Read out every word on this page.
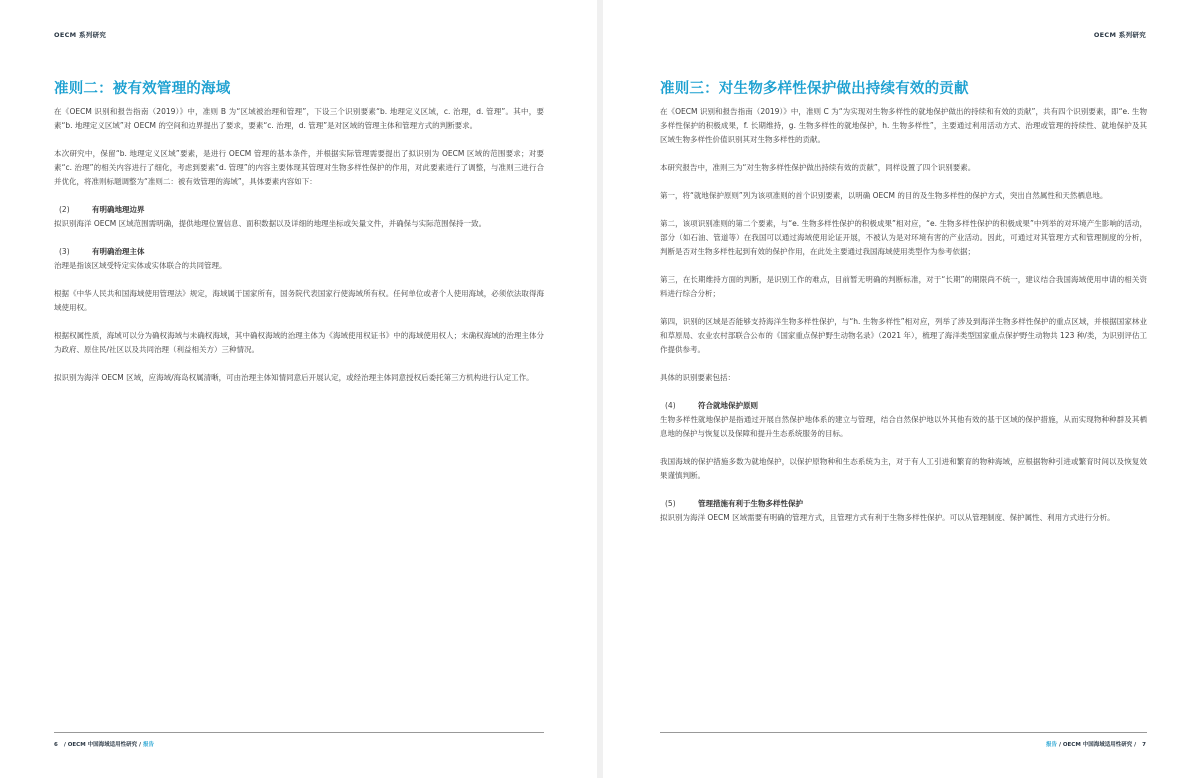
OECM 系列研究
准则二：被有效管理的海域

在《OECM 识别和报告指南（2019）》中，准则 B 为“区域被治理和管理”，下设三个识别要素“b. 地理定义区域，c. 治理，d. 管理”。其中，要素“b. 地理定义区域”对 OECM 的空间和边界提出了要求，要素“c. 治理，d. 管理”是对区域的管理主体和管理方式的判断要求。

本次研究中，保留“b. 地理定义区域”要素，是进行 OECM 管理的基本条件，并根据实际管理需要提出了拟识别为 OECM 区域的范围要求；对要素“c. 治理”的相关内容进行了细化，考虑到要素“d. 管理”的内容主要体现其管理对生物多样性保护的作用，对此要素进行了调整，与准则三进行合并优化，将准则标题调整为“准则二：被有效管理的海域”，具体要素内容如下：

(2)	有明确地理边界

拟识别海洋 OECM 区域范围需明确，提供地理位置信息、面积数据以及详细的地理坐标或矢量文件，并确保与实际范围保持一致。

(3)	有明确治理主体

治理是指该区域受特定实体或实体联合的共同管理。

根据《中华人民共和国海域使用管理法》规定，海域属于国家所有，国务院代表国家行使海域所有权。任何单位或者个人使用海域，必须依法取得海域使用权。

根据权属性质，海域可以分为确权海域与未确权海域，其中确权海域的治理主体为《海域使用权证书》中的海域使用权人；未确权海域的治理主体分为政府、原住民/社区以及共同治理（利益相关方）三种情况。

拟识别为海洋 OECM 区域，应海域/海岛权属清晰，可由治理主体知情同意后开展认定，或经治理主体同意授权后委托第三方机构进行认定工作。

6 / OECM 中国海域适用性研究 / 报告
OECM 系列研究
准则三：对生物多样性保护做出持续有效的贡献

在《OECM 识别和报告指南（2019）》中，准则 C 为“为实现对生物多样性的就地保护做出的持续和有效的贡献”，共有四个识别要素，即“e. 生物多样性保护的积极成果，f. 长期维持，g. 生物多样性的就地保护，h. 生物多样性”，主要通过利用活动方式、治理或管理的持续性、就地保护及其区域生物多样性价值识别其对生物多样性的贡献。

本研究报告中，准则三为“对生物多样性保护做出持续有效的贡献”，同样设置了四个识别要素。

第一，将“就地保护原则”列为该项准则的首个识别要素，以明确 OECM 的目的及生物多样性的保护方式，突出自然属性和天然栖息地。

第二，该项识别准则的第二个要素，与“e. 生物多样性保护的积极成果”相对应，“e. 生物多样性保护的积极成果”中列举的对环境产生影响的活动，部分（如石油、管道等）在我国可以通过海域使用论证开展，不被认为是对环境有害的产业活动。因此，可通过对其管理方式和管理制度的分析，判断是否对生物多样性起到有效的保护作用，在此处主要通过我国海域使用类型作为参考依据；

第三，在长期维持方面的判断，是识别工作的难点，目前暂无明确的判断标准，对于“长期”的期限尚不统一，建议结合我国海域使用申请的相关资料进行综合分析；

第四，识别的区域是否能够支持海洋生物多样性保护，与“h. 生物多样性”相对应，列举了涉及到海洋生物多样性保护的重点区域，并根据国家林业和草原局、农业农村部联合公布的《国家重点保护野生动物名录》（2021 年），梳理了海洋类型国家重点保护野生动物共 123 种/类，为识别评估工作提供参考。

具体的识别要素包括：

(4)	符合就地保护原则

生物多样性就地保护是指通过开展自然保护地体系的建立与管理，结合自然保护地以外其他有效的基于区域的保护措施，从而实现物种种群及其栖息地的保护与恢复以及保障和提升生态系统服务的目标。

我国海域的保护措施多数为就地保护，以保护原物种和生态系统为主，对于有人工引进和繁育的物种海域，应根据物种引进或繁育时间以及恢复效果谨慎判断。

(5)	管理措施有利于生物多样性保护

拟识别为海洋 OECM 区域需要有明确的管理方式，且管理方式有利于生物多样性保护。可以从管理制度、保护属性、利用方式进行分析。

报告 / OECM 中国海域适用性研究 / 7
